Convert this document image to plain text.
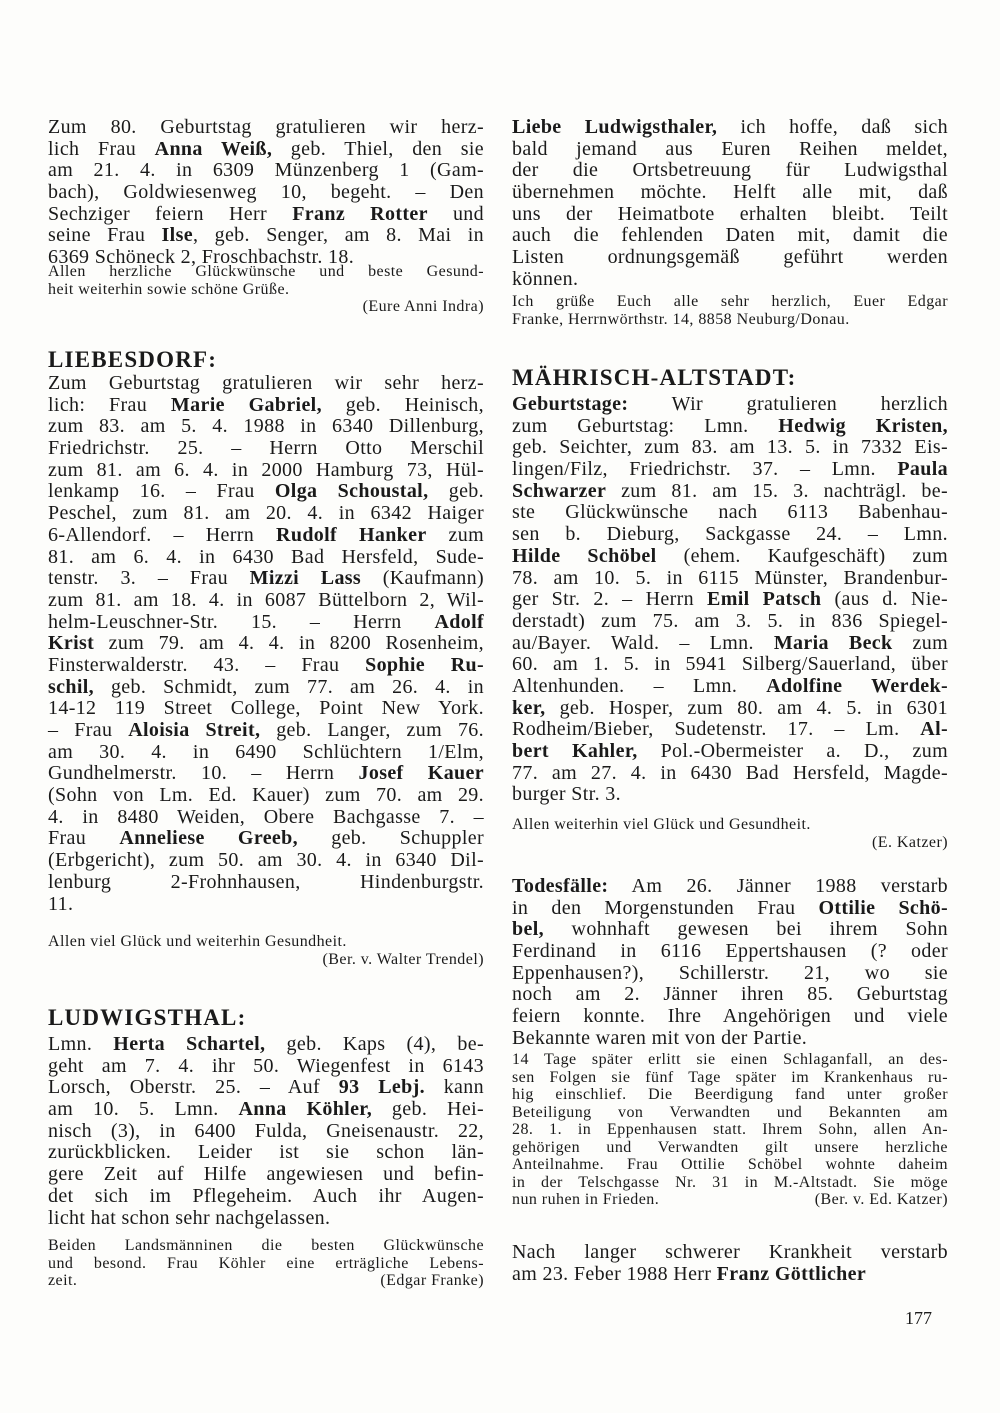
Zum 80. Geburtstag gratulieren wir herz-
lich Frau Anna Weiß, geb. Thiel, den sie
am 21. 4. in 6309 Münzenberg 1 (Gam-
bach), Goldwiesenweg 10, begeht. – Den
Sechziger feiern Herr Franz Rotter und
seine Frau Ilse, geb. Senger, am 8. Mai in
6369 Schöneck 2, Froschbachstr. 18.
Allen herzliche Glückwünsche und beste Gesund-
heit weiterhin sowie schöne Grüße.
(Eure Anni Indra)
LIEBESDORF:
Zum Geburtstag gratulieren wir sehr herz-
lich: Frau Marie Gabriel, geb. Heinisch,
zum 83. am 5. 4. 1988 in 6340 Dillenburg,
Friedrichstr. 25. – Herrn Otto Merschil
zum 81. am 6. 4. in 2000 Hamburg 73, Hül-
lenkamp 16. – Frau Olga Schoustal, geb.
Peschel, zum 81. am 20. 4. in 6342 Haiger
6-Allendorf. – Herrn Rudolf Hanker zum
81. am 6. 4. in 6430 Bad Hersfeld, Sude-
tenstr. 3. – Frau Mizzi Lass (Kaufmann)
zum 81. am 18. 4. in 6087 Büttelborn 2, Wil-
helm-Leuschner-Str. 15. – Herrn Adolf
Krist zum 79. am 4. 4. in 8200 Rosenheim,
Finsterwalderstr. 43. – Frau Sophie Ru-
schil, geb. Schmidt, zum 77. am 26. 4. in
14-12 119 Street College, Point New York.
– Frau Aloisia Streit, geb. Langer, zum 76.
am 30. 4. in 6490 Schlüchtern 1/Elm,
Gundhelmerstr. 10. – Herrn Josef Kauer
(Sohn von Lm. Ed. Kauer) zum 70. am 29.
4. in 8480 Weiden, Obere Bachgasse 7. –
Frau Anneliese Greeb, geb. Schuppler
(Erbgericht), zum 50. am 30. 4. in 6340 Dil-
lenburg 2-Frohnhausen, Hindenburgstr.
11.
Allen viel Glück und weiterhin Gesundheit.
(Ber. v. Walter Trendel)
LUDWIGSTHAL:
Lmn. Herta Schartel, geb. Kaps (4), be-
geht am 7. 4. ihr 50. Wiegenfest in 6143
Lorsch, Oberstr. 25. – Auf 93 Lebj. kann
am 10. 5. Lmn. Anna Köhler, geb. Hei-
nisch (3), in 6400 Fulda, Gneisenaustr. 22,
zurückblicken. Leider ist sie schon län-
gere Zeit auf Hilfe angewiesen und befin-
det sich im Pflegeheim. Auch ihr Augen-
licht hat schon sehr nachgelassen.
Beiden Landsmänninen die besten Glückwünsche
und besond. Frau Köhler eine erträgliche Lebens-
zeit.	(Edgar Franke)
Liebe Ludwigsthaler, ich hoffe, daß sich
bald jemand aus Euren Reihen meldet,
der die Ortsbetreuung für Ludwigsthal
übernehmen möchte. Helft alle mit, daß
uns der Heimatbote erhalten bleibt. Teilt
auch die fehlenden Daten mit, damit die
Listen ordnungsgemäß geführt werden
können.
Ich grüße Euch alle sehr herzlich, Euer Edgar
Franke, Herrnwörthstr. 14, 8858 Neuburg/Donau.
MÄHRISCH-ALTSTADT:
Geburtstage: Wir gratulieren herzlich
zum Geburtstag: Lmn. Hedwig Kristen,
geb. Seichter, zum 83. am 13. 5. in 7332 Eis-
lingen/Filz, Friedrichstr. 37. – Lmn. Paula
Schwarzer zum 81. am 15. 3. nachträgl. be-
ste Glückwünsche nach 6113 Babenhau-
sen b. Dieburg, Sackgasse 24. – Lmn.
Hilde Schöbel (ehem. Kaufgeschäft) zum
78. am 10. 5. in 6115 Münster, Brandenbur-
ger Str. 2. – Herrn Emil Patsch (aus d. Nie-
derstadt) zum 75. am 3. 5. in 836 Spiegel-
au/Bayer. Wald. – Lmn. Maria Beck zum
60. am 1. 5. in 5941 Silberg/Sauerland, über
Altenhunden. – Lmn. Adolfine Werdek-
ker, geb. Hosper, zum 80. am 4. 5. in 6301
Rodheim/Bieber, Sudetenstr. 17. – Lm. Al-
bert Kahler, Pol.-Obermeister a. D., zum
77. am 27. 4. in 6430 Bad Hersfeld, Magde-
burger Str. 3.
Allen weiterhin viel Glück und Gesundheit.
(E. Katzer)
Todesfälle: Am 26. Jänner 1988 verstarb
in den Morgenstunden Frau Ottilie Schö-
bel, wohnhaft gewesen bei ihrem Sohn
Ferdinand in 6116 Eppertshausen (? oder
Eppenhausen?), Schillerstr. 21, wo sie
noch am 2. Jänner ihren 85. Geburtstag
feiern konnte. Ihre Angehörigen und viele
Bekannte waren mit von der Partie.
14 Tage später erlitt sie einen Schlaganfall, an des-
sen Folgen sie fünf Tage später im Krankenhaus ru-
hig einschlief. Die Beerdigung fand unter großer
Beteiligung von Verwandten und Bekannten am
28. 1. in Eppenhausen statt. Ihrem Sohn, allen An-
gehörigen und Verwandten gilt unsere herzliche
Anteilnahme. Frau Ottilie Schöbel wohnte daheim
in der Telschgasse Nr. 31 in M.-Altstadt. Sie möge
nun ruhen in Frieden.	(Ber. v. Ed. Katzer)
Nach langer schwerer Krankheit verstarb
am 23. Feber 1988 Herr Franz Göttlicher
177
